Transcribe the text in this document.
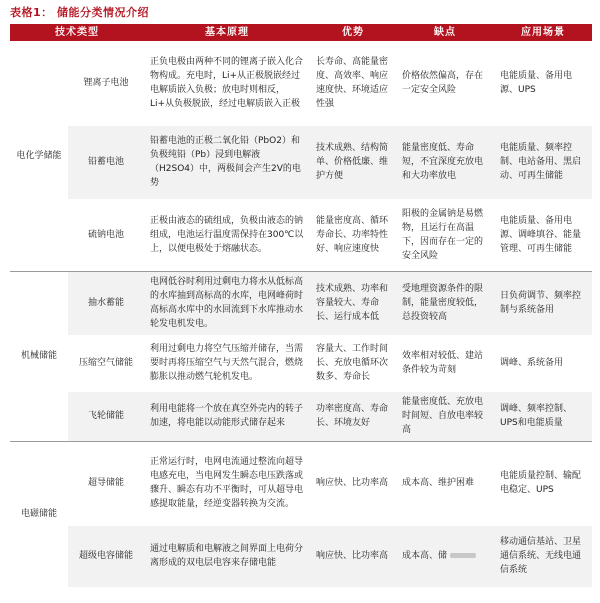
表格1： 储能分类情况介绍
技术类型		基本原理	优势	缺点	应用场景
电化学储能	锂离子电池	正负电极由两种不同的锂离子嵌入化合物构成。充电时，Li+从正极脱嵌经过电解质嵌入负极；放电时则相反，Li+从负极脱嵌，经过电解质嵌入正极	长寿命、高能量密度、高效率、响应速度快、环境适应性强	价格依然偏高，存在一定安全风险	电能质量、备用电源、UPS
	铅蓄电池	铅蓄电池的正极二氧化铅（PbO2）和负极纯铅（Pb）浸到电解液（H2SO4）中，两极间会产生2V的电势	技术成熟、结构简单、价格低廉、维护方便	能量密度低、寿命短，不宜深度充放电和大功率放电	电能质量、频率控制、电站备用、黑启动、可再生储能
	硫钠电池	正极由液态的硫组成，负极由液态的钠组成，电池运行温度需保持在300℃以上，以便电极处于熔融状态。	能量密度高、循环寿命长、功率特性好、响应速度快	阳极的金属钠是易燃物，且运行在高温下，因而存在一定的安全风险	电能质量、备用电源、调峰填谷、能量管理、可再生储能
机械储能	抽水蓄能	电网低谷时利用过剩电力将水从低标高的水库抽到高标高的水库，电网峰荷时高标高水库中的水回流到下水库推动水轮发电机发电。	技术成熟、功率和容量较大、寿命长、运行成本低	受地理资源条件的限制，能量密度较低，总投资较高	日负荷调节、频率控制与系统备用
	压缩空气储能	利用过剩电力将空气压缩并储存，当需要时再将压缩空气与天然气混合，燃烧膨胀以推动燃气轮机发电。	容量大、工作时间长、充放电循环次数多、寿命长	效率相对较低、建站条件较为苛刻	调峰、系统备用
	飞轮储能	利用电能将一个放在真空外壳内的转子加速，将电能以动能形式储存起来	功率密度高、寿命长、环境友好	能量密度低、充放电时间短、自放电率较高	调峰、频率控制、UPS和电能质量
电磁储能	超导储能	正常运行时，电网电流通过整流向超导电感充电，当电网发生瞬态电压跌落或骤升、瞬态有功不平衡时，可从超导电感提取能量，经逆变器转换为交流。	响应快、比功率高	成本高、维护困难	电能质量控制、输配电稳定、UPS
	超级电容储能	通过电解质和电解液之间界面上电荷分离形成的双电层电容来存储电能	响应快、比功率高	成本高、储	移动通信基站、卫星通信系统、无线电通信系统
